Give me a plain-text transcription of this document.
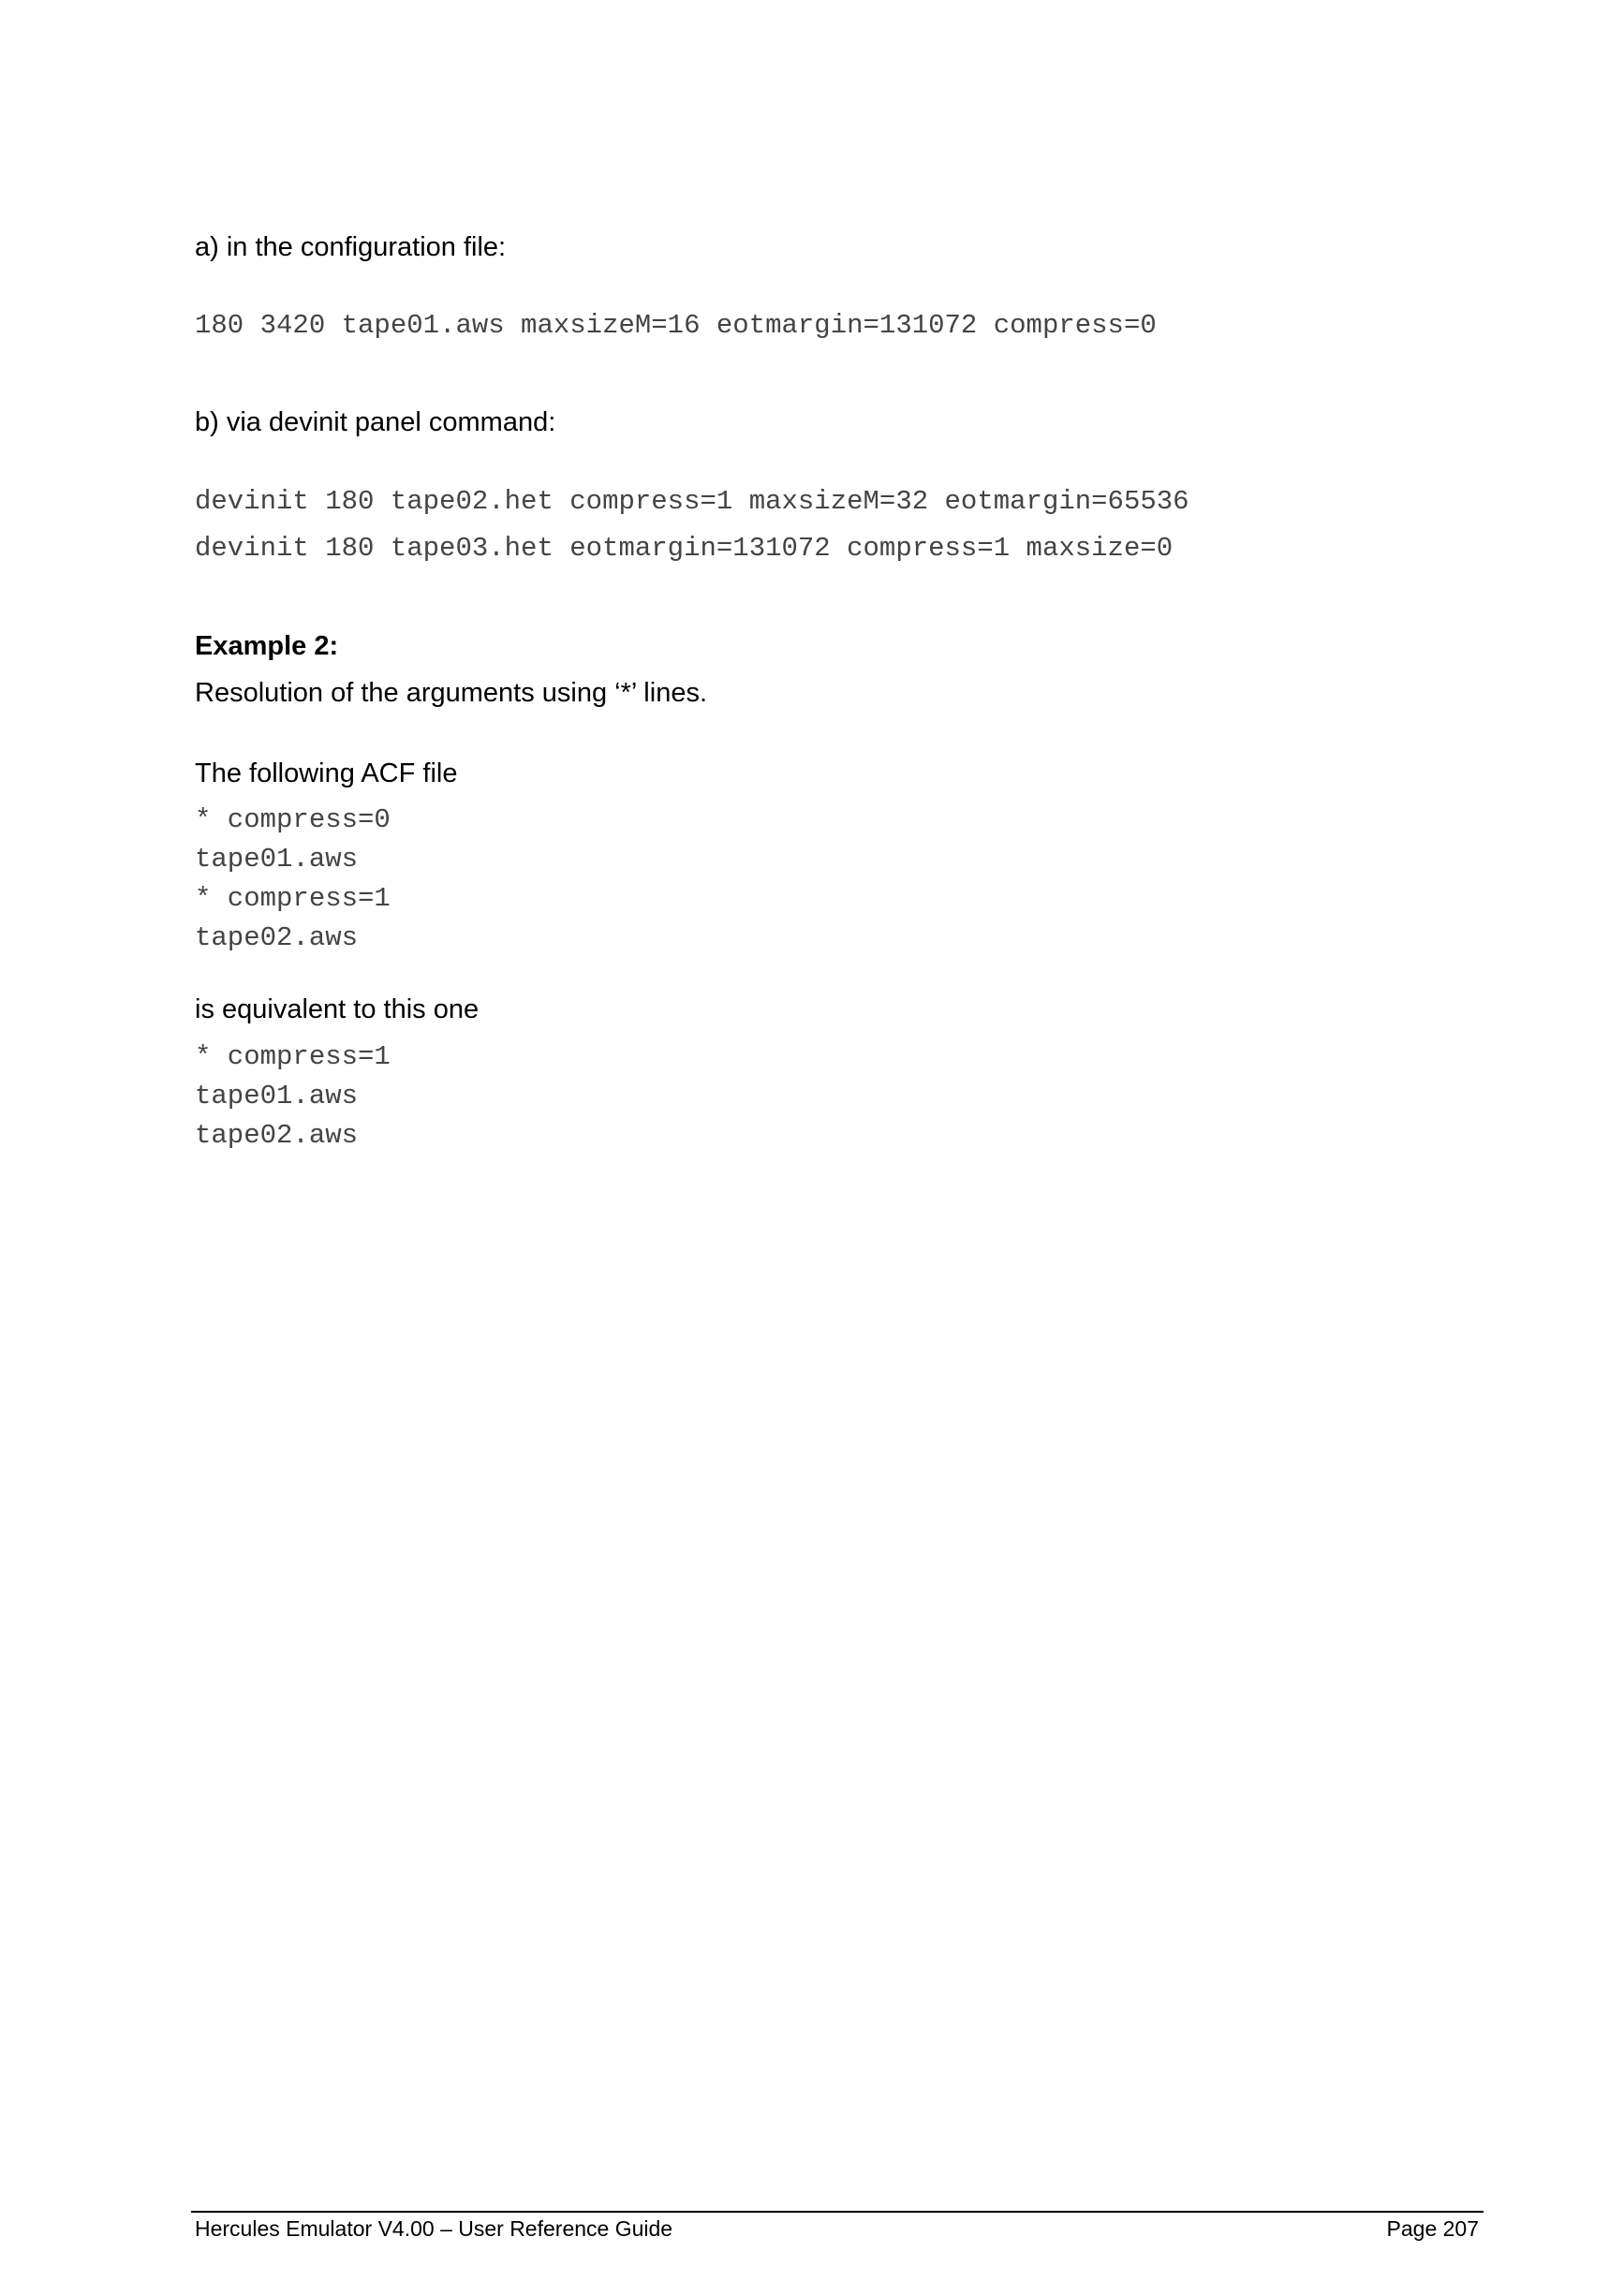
a) in the configuration file:
180 3420 tape01.aws maxsizeM=16 eotmargin=131072 compress=0
b) via devinit panel command:
devinit 180 tape02.het compress=1 maxsizeM=32 eotmargin=65536
devinit 180 tape03.het eotmargin=131072 compress=1 maxsize=0
Example 2:
Resolution of the arguments using ‘*’ lines.
The following ACF file
* compress=0
tape01.aws
* compress=1
tape02.aws
is equivalent to this one
* compress=1
tape01.aws
tape02.aws
Hercules Emulator V4.00 – User Reference Guide	Page 207
